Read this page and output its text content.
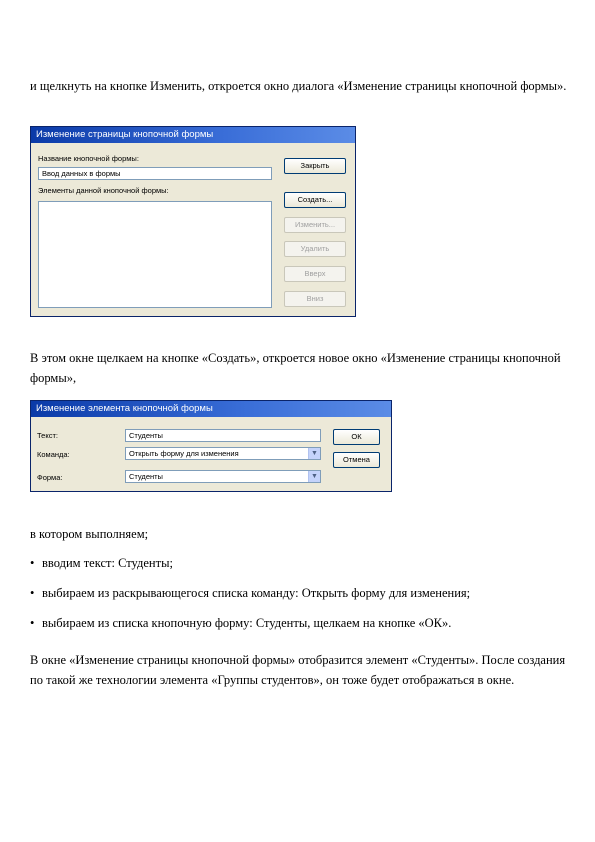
и щелкнуть на кнопке Изменить, откроется окно диалога «Изменение страницы кнопочной формы».
Изменение страницы кнопочной формы
Название кнопочной формы:
Ввод данных в формы
Элементы данной кнопочной формы:
Закрыть
Создать...
Изменить...
Удалить
Вверх
Вниз
В этом окне щелкаем на кнопке «Создать», откроется новое окно «Изменение страницы кнопочной формы»,
Изменение элемента кнопочной формы
Текст:	Студенты
Команда:	Открыть форму для изменения	▼
Форма:	Студенты	▼
ОК
Отмена
в котором выполняем;
• вводим текст: Студенты;
• выбираем из раскрывающегося списка команду: Открыть форму для изменения;
• выбираем из списка кнопочную форму: Студенты, щелкаем на кнопке «ОК».
В окне «Изменение страницы кнопочной формы» отобразится элемент «Студенты». После создания по такой же технологии элемента «Группы студентов», он тоже будет отображаться в окне.
